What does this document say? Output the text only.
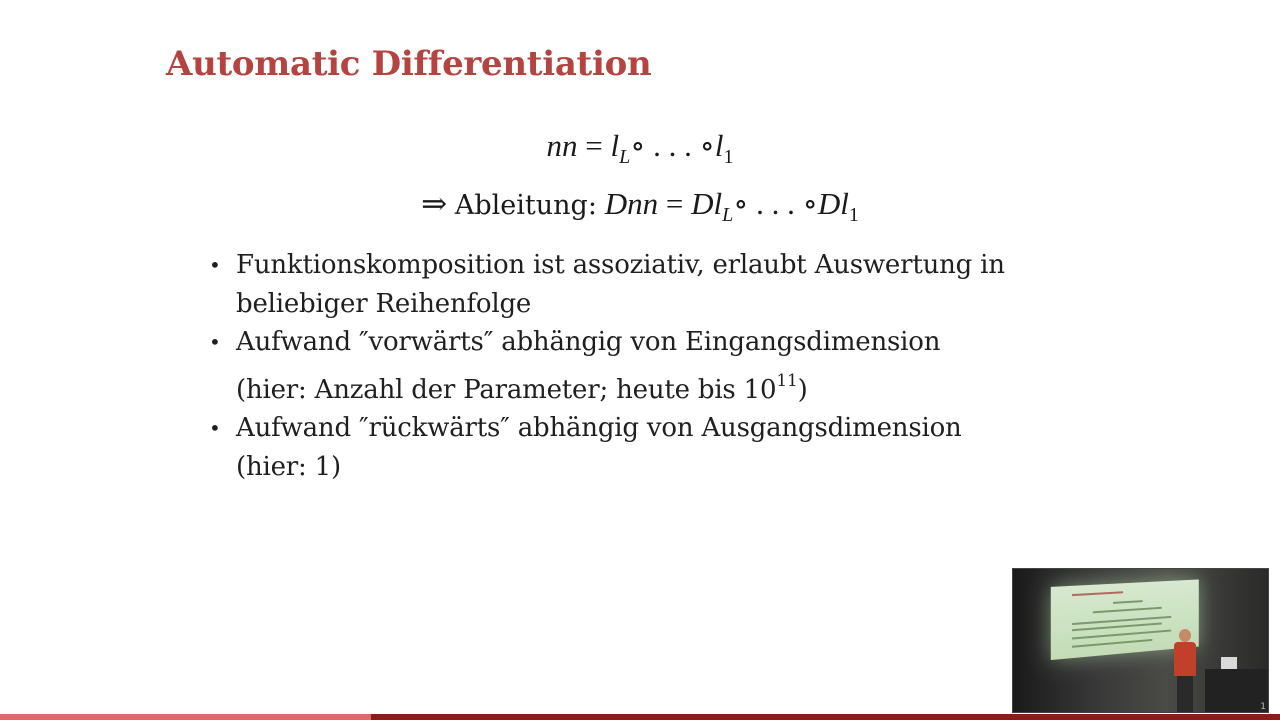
Automatic Differentiation
nn = $l_L\circ$ . . . $\circ l_1$
⇒ Ableitung: Dnn = $Dl_L\circ$ . . . $\circ Dl_1$
• Funktionskomposition ist assoziativ, erlaubt Auswertung in
beliebiger Reihenfolge
• Aufwand ″vorwärts″ abhängig von Eingangsdimension
(hier: Anzahl der Parameter; heute bis $10^{11}$)
• Aufwand ″rückwärts″ abhängig von Ausgangsdimension
(hier: 1)
1
